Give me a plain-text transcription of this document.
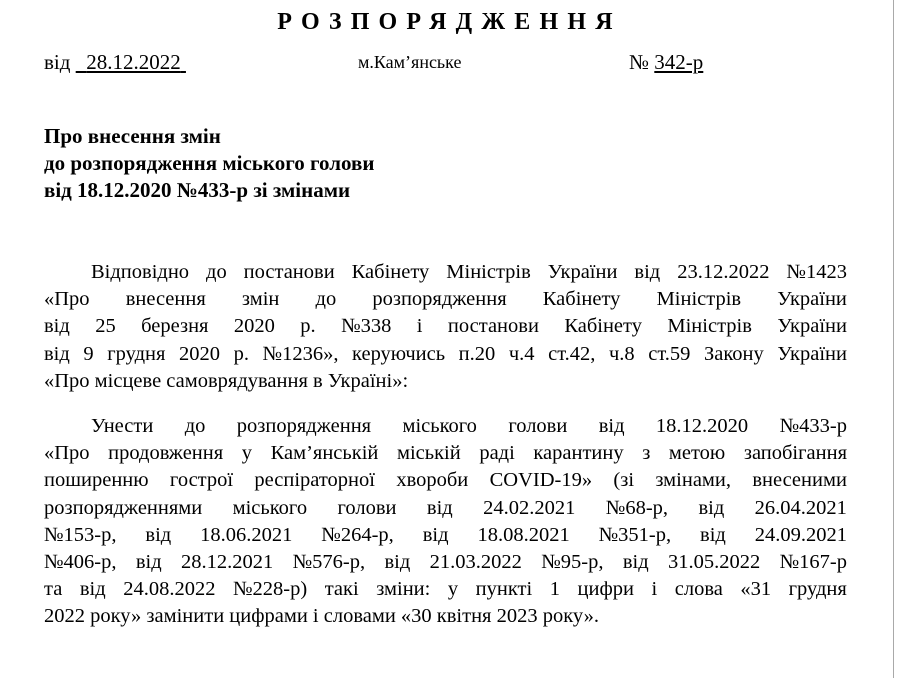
РОЗПОРЯДЖЕННЯ
від 28.12.2022	м.Кам’янське	№ 342-р
Про внесення змін
до розпорядження міського голови
від 18.12.2020 №433-р зі змінами
Відповідно до постанови Кабінету Міністрів України від 23.12.2022 №1423
«Про внесення змін до розпорядження Кабінету Міністрів України
від 25 березня 2020 р. №338 і постанови Кабінету Міністрів України
від 9 грудня 2020 р. №1236», керуючись п.20 ч.4 ст.42, ч.8 ст.59 Закону України
«Про місцеве самоврядування в Україні»:
Унести до розпорядження міського голови від 18.12.2020 №433-р
«Про продовження у Кам’янській міській раді карантину з метою запобігання
поширенню гострої респіраторної хвороби COVID-19» (зі змінами, внесеними
розпорядженнями міського голови від 24.02.2021 №68-р, від 26.04.2021
№153-р, від 18.06.2021 №264-р, від 18.08.2021 №351-р, від 24.09.2021
№406-р, від 28.12.2021 №576-р, від 21.03.2022 №95-р, від 31.05.2022 №167-р
та від 24.08.2022 №228-р) такі зміни: у пункті 1 цифри і слова «31 грудня
2022 року» замінити цифрами і словами «30 квітня 2023 року».
